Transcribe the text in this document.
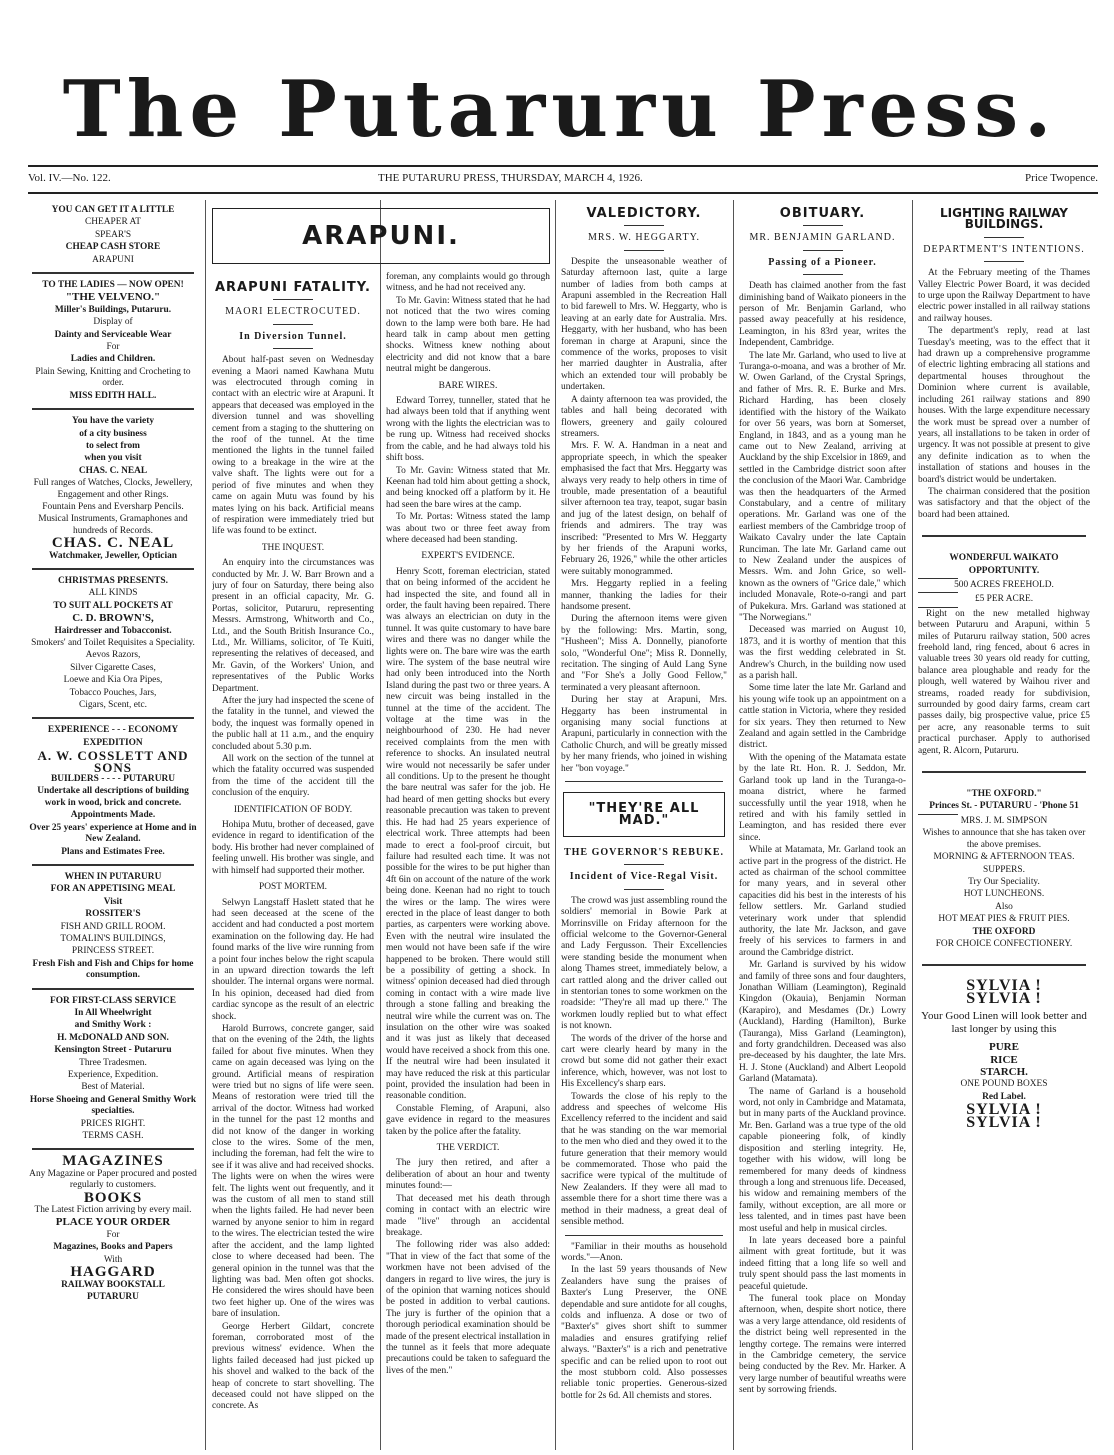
The Putaruru Press.
Vol. IV.—No. 122.	THE PUTARURU PRESS, THURSDAY, MARCH 4, 1926.	Price Twopence.
YOU CAN GET IT A LITTLE
CHEAPER AT
SPEAR'S
CHEAP CASH STORE
ARAPUNI
TO THE LADIES — NOW OPEN!
"THE VELVENO."
Miller's Buildings, Putaruru.
Display of
Dainty and Serviceable Wear
For
Ladies and Children.
Plain Sewing, Knitting and Crocheting to order.
MISS EDITH HALL.
You have the variety
of a city business
to select from
when you visit
CHAS. C. NEAL
Full ranges of Watches, Clocks, Jewellery, Engagement and other Rings.
Fountain Pens and Eversharp Pencils.
Musical Instruments, Gramaphones and hundreds of Records.
CHAS. C. NEAL
Watchmaker, Jeweller, Optician
CHRISTMAS PRESENTS.
ALL KINDS
TO SUIT ALL POCKETS AT
C. D. BROWN'S,
Hairdresser and Tobacconist.
Smokers' and Toilet Requisites a Speciality.
Aevos Razors,
Silver Cigarette Cases,
Loewe and Kia Ora Pipes,
Tobacco Pouches, Jars,
Cigars, Scent, etc.
EXPERIENCE - - - ECONOMY
EXPEDITION
A. W. COSSLETT AND SONS
BUILDERS - - - - PUTARURU
Undertake all descriptions of building work in wood, brick and concrete.
Appointments Made.
Over 25 years' experience at Home and in New Zealand.
Plans and Estimates Free.
WHEN IN PUTARURU
FOR AN APPETISING MEAL
Visit
ROSSITER'S
FISH AND GRILL ROOM.
TOMALIN'S BUILDINGS,
PRINCESS STREET.
Fresh Fish and Fish and Chips for home consumption.
FOR FIRST-CLASS SERVICE
In All Wheelwright
and Smithy Work :
H. McDONALD AND SON.
Kensington Street - Putaruru
Three Tradesmen.
Experience, Expedition.
Best of Material.
Horse Shoeing and General Smithy Work specialties.
PRICES RIGHT.
TERMS CASH.
MAGAZINES
Any Magazine or Paper procured and posted regularly to customers.
BOOKS
The Latest Fiction arriving by every mail.
PLACE YOUR ORDER
For
Magazines, Books and Papers
With
HAGGARD
RAILWAY BOOKSTALL
PUTARURU
ARAPUNI.
ARAPUNI FATALITY.
MAORI ELECTROCUTED.
In Diversion Tunnel.

About half-past seven on Wednesday evening a Maori named Kawhana Mutu was electrocuted through coming in contact with an electric wire at Arapuni. It appears that deceased was employed in the diversion tunnel and was shovelling cement from a staging to the shuttering on the roof of the tunnel. At the time mentioned the lights in the tunnel failed owing to a breakage in the wire at the valve shaft. The lights were out for a period of five minutes and when they came on again Mutu was found by his mates lying on his back. Artificial means of respiration were immediately tried but life was found to be extinct.

THE INQUEST.

An enquiry into the circumstances was conducted by Mr. J. W. Barr Brown and a jury of four on Saturday, there being also present in an official capacity, Mr. G. Portas, solicitor, Putaruru, representing Messrs. Armstrong, Whitworth and Co., Ltd., and the South British Insurance Co., Ltd., Mr. Williams, solicitor, of Te Kuiti, representing the relatives of deceased, and Mr. Gavin, of the Workers' Union, and representatives of the Public Works Department.

After the jury had inspected the scene of the fatality in the tunnel, and viewed the body, the inquest was formally opened in the public hall at 11 a.m., and the enquiry concluded about 5.30 p.m.

All work on the section of the tunnel at which the fatality occurred was suspended from the time of the accident till the conclusion of the enquiry.

IDENTIFICATION OF BODY.

Hohipa Mutu, brother of deceased, gave evidence in regard to identification of the body. His brother had never complained of feeling unwell. His brother was single, and with himself had supported their mother.

POST MORTEM.

Selwyn Langstaff Haslett stated that he had seen deceased at the scene of the accident and had conducted a post mortem examination on the following day. He had found marks of the live wire running from a point four inches below the right scapula in an upward direction towards the left shoulder. The internal organs were normal. In his opinion, deceased had died from cardiac syncope as the result of an electric shock.

Harold Burrows, concrete ganger, said that on the evening of the 24th, the lights failed for about five minutes. When they came on again deceased was lying on the ground. Artificial means of respiration were tried but no signs of life were seen. Means of restoration were tried till the arrival of the doctor. Witness had worked in the tunnel for the past 12 months and did not know of the danger in working close to the wires. Some of the men, including the foreman, had felt the wire to see if it was alive and had received shocks. The lights were on when the wires were felt. The lights went out frequently, and it was the custom of all men to stand still when the lights failed. He had never been warned by anyone senior to him in regard to the wires. The electrician tested the wire after the accident, and the lamp lighted close to where deceased had been. The general opinion in the tunnel was that the lighting was bad. Men often got shocks. He considered the wires should have been two feet higher up. One of the wires was bare of insulation.

George Herbert Gildart, concrete foreman, corroborated most of the previous witness' evidence. When the lights failed deceased had just picked up his shovel and walked to the back of the heap of concrete to start shovelling. The deceased could not have slipped on the concrete. As

foreman, any complaints would go through witness, and he had not received any.

To Mr. Gavin: Witness stated that he had not noticed that the two wires coming down to the lamp were both bare. He had heard talk in camp about men getting shocks. Witness knew nothing about electricity and did not know that a bare neutral might be dangerous.

BARE WIRES.

Edward Torrey, tunneller, stated that he had always been told that if anything went wrong with the lights the electrician was to be rung up. Witness had received shocks from the cable, and he had always told his shift boss.

To Mr. Gavin: Witness stated that Mr. Keenan had told him about getting a shock, and being knocked off a platform by it. He had seen the bare wires at the camp.

To Mr. Portas: Witness stated the lamp was about two or three feet away from where deceased had been standing.

EXPERT'S EVIDENCE.

Henry Scott, foreman electrician, stated that on being informed of the accident he had inspected the site, and found all in order, the fault having been repaired. There was always an electrician on duty in the tunnel. It was quite customary to have bare wires and there was no danger while the lights were on. The bare wire was the earth wire. The system of the base neutral wire had only been introduced into the North Island during the past two or three years. A new circuit was being installed in the tunnel at the time of the accident. The voltage at the time was in the neighbourhood of 230. He had never received complaints from the men with reference to shocks. An insulated neutral wire would not necessarily be safer under all conditions. Up to the present he thought the bare neutral was safer for the job. He had heard of men getting shocks but every reasonable precaution was taken to prevent this. He had had 25 years experience of electrical work. Three attempts had been made to erect a fool-proof circuit, but failure had resulted each time. It was not possible for the wires to be put higher than 4ft 6in on account of the nature of the work being done. Keenan had no right to touch the wires or the lamp. The wires were erected in the place of least danger to both parties, as carpenters were working above. Even with the neutral wire insulated the men would not have been safe if the wire happened to be broken. There would still be a possibility of getting a shock. In witness' opinion deceased had died through coming in contact with a wire made live through a stone falling and breaking the neutral wire while the current was on. The insulation on the other wire was soaked and it was just as likely that deceased would have received a shock from this one. If the neutral wire had been insulated it may have reduced the risk at this particular point, provided the insulation had been in reasonable condition.

Constable Fleming, of Arapuni, also gave evidence in regard to the measures taken by the police after the fatality.

THE VERDICT.

The jury then retired, and after a deliberation of about an hour and twenty minutes found:—

That deceased met his death through coming in contact with an electric wire made "live" through an accidental breakage.

The following rider was also added: "That in view of the fact that some of the workmen have not been advised of the dangers in regard to live wires, the jury is of the opinion that warning notices should be posted in addition to verbal cautions. The jury is further of the opinion that a thorough periodical examination should be made of the present electrical installation in the tunnel as it feels that more adequate precautions could be taken to safeguard the lives of the men."

VALEDICTORY.
MRS. W. HEGGARTY.

Despite the unseasonable weather of Saturday afternoon last, quite a large number of ladies from both camps at Arapuni assembled in the Recreation Hall to bid farewell to Mrs. W. Heggarty, who is leaving at an early date for Australia. Mrs. Heggarty, with her husband, who has been foreman in charge at Arapuni, since the commence of the works, proposes to visit her married daughter in Australia, after which an extended tour will probably be undertaken.

A dainty afternoon tea was provided, the tables and hall being decorated with flowers, greenery and gaily coloured streamers.

Mrs. F. W. A. Handman in a neat and appropriate speech, in which the speaker emphasised the fact that Mrs. Heggarty was always very ready to help others in time of trouble, made presentation of a beautiful silver afternoon tea tray, teapot, sugar basin and jug of the latest design, on behalf of friends and admirers. The tray was inscribed: "Presented to Mrs W. Heggarty by her friends of the Arapuni works, February 26, 1926," while the other articles were suitably monogrammed.

Mrs. Heggarty replied in a feeling manner, thanking the ladies for their handsome present.

During the afternoon items were given by the following: Mrs. Martin, song, "Husheen"; Miss A. Donnelly, pianoforte solo, "Wonderful One"; Miss R. Donnelly, recitation. The singing of Auld Lang Syne and "For She's a Jolly Good Fellow," terminated a very pleasant afternoon.

During her stay at Arapuni, Mrs. Heggarty has been instrumental in organising many social functions at Arapuni, particularly in connection with the Catholic Church, and will be greatly missed by her many friends, who joined in wishing her "bon voyage."

"THEY'RE ALL MAD."
THE GOVERNOR'S REBUKE.
Incident of Vice-Regal Visit.

The crowd was just assembling round the soldiers' memorial in Bowie Park at Morrinsville on Friday afternoon for the official welcome to the Governor-General and Lady Fergusson. Their Excellencies were standing beside the monument when along Thames street, immediately below, a cart rattled along and the driver called out in stentorian tones to some workmen on the roadside: "They're all mad up there." The workmen loudly replied but to what effect is not known.

The words of the driver of the horse and cart were clearly heard by many in the crowd but some did not gather their exact inference, which, however, was not lost to His Excellency's sharp ears.

Towards the close of his reply to the address and speeches of welcome His Excellency referred to the incident and said that he was standing on the war memorial to the men who died and they owed it to the future generation that their memory would be commemorated. Those who paid the sacrifice were typical of the multitude of New Zealanders. If they were all mad to assemble there for a short time there was a method in their madness, a great deal of sensible method.

"Familiar in their mouths as household words."—Anon.

In the last 59 years thousands of New Zealanders have sung the praises of Baxter's Lung Preserver, the ONE dependable and sure antidote for all coughs, colds and influenza. A dose or two of "Baxter's" gives short shift to summer maladies and ensures gratifying relief always. "Baxter's" is a rich and penetrative specific and can be relied upon to root out the most stubborn cold. Also possesses reliable tonic properties. Generous-sized bottle for 2s 6d. All chemists and stores.

OBITUARY.
MR. BENJAMIN GARLAND.
Passing of a Pioneer.

Death has claimed another from the fast diminishing band of Waikato pioneers in the person of Mr. Benjamin Garland, who passed away peacefully at his residence, Leamington, in his 83rd year, writes the Independent, Cambridge.

The late Mr. Garland, who used to live at Turanga-o-moana, and was a brother of Mr. W. Owen Garland, of the Crystal Springs, and father of Mrs. R. E. Burke and Mrs. Richard Harding, has been closely identified with the history of the Waikato for over 56 years, was born at Somerset, England, in 1843, and as a young man he came out to New Zealand, arriving at Auckland by the ship Excelsior in 1869, and settled in the Cambridge district soon after the conclusion of the Maori War. Cambridge was then the headquarters of the Armed Constabulary, and a centre of military operations. Mr. Garland was one of the earliest members of the Cambridge troop of Waikato Cavalry under the late Captain Runciman. The late Mr. Garland came out to New Zealand under the auspices of Messrs. Wm. and John Grice, so well-known as the owners of "Grice dale," which included Monavale, Rote-o-rangi and part of Pukekura. Mrs. Garland was stationed at "The Norwegians."

Deceased was married on August 10, 1873, and it is worthy of mention that this was the first wedding celebrated in St. Andrew's Church, in the building now used as a parish hall.

Some time later the late Mr. Garland and his young wife took up an appointment on a cattle station in Victoria, where they resided for six years. They then returned to New Zealand and again settled in the Cambridge district.

With the opening of the Matamata estate by the late Rt. Hon. R. J. Seddon, Mr. Garland took up land in the Turanga-o-moana district, where he farmed successfully until the year 1918, when he retired and with his family settled in Leamington, and has resided there ever since.

While at Matamata, Mr. Garland took an active part in the progress of the district. He acted as chairman of the school committee for many years, and in several other capacities did his best in the interests of his fellow settlers. Mr. Garland studied veterinary work under that splendid authority, the late Mr. Jackson, and gave freely of his services to farmers in and around the Cambridge district.

Mr. Garland is survived by his widow and family of three sons and four daughters, Jonathan William (Leamington), Reginald Kingdon (Okauia), Benjamin Norman (Karapiro), and Mesdames (Dr.) Lowry (Auckland), Harding (Hamilton), Burke (Tauranga), Miss Garland (Leamington), and forty grandchildren. Deceased was also pre-deceased by his daughter, the late Mrs. H. J. Stone (Auckland) and Albert Leopold Garland (Matamata).

The name of Garland is a household word, not only in Cambridge and Matamata, but in many parts of the Auckland province. Mr. Ben. Garland was a true type of the old capable pioneering folk, of kindly disposition and sterling integrity. He, together with his widow, will long be remembered for many deeds of kindness through a long and strenuous life. Deceased, his widow and remaining members of the family, without exception, are all more or less talented, and in times past have been most useful and help in musical circles.

In late years deceased bore a painful ailment with great fortitude, but it was indeed fitting that a long life so well and truly spent should pass the last moments in peaceful quietude.

The funeral took place on Monday afternoon, when, despite short notice, there was a very large attendance, old residents of the district being well represented in the lengthy cortege. The remains were interred in the Cambridge cemetery, the service being conducted by the Rev. Mr. Harker. A very large number of beautiful wreaths were sent by sorrowing friends.

LIGHTING RAILWAY BUILDINGS.
DEPARTMENT'S INTENTIONS.

At the February meeting of the Thames Valley Electric Power Board, it was decided to urge upon the Railway Department to have electric power installed in all railway stations and railway houses.

The department's reply, read at last Tuesday's meeting, was to the effect that it had drawn up a comprehensive programme of electric lighting embracing all stations and departmental houses throughout the Dominion where current is available, including 261 railway stations and 890 houses. With the large expenditure necessary the work must be spread over a number of years, all installations to be taken in order of urgency. It was not possible at present to give any definite indication as to when the installation of stations and houses in the board's district would be undertaken.

The chairman considered that the position was satisfactory and that the object of the board had been attained.

WONDERFUL WAIKATO
OPPORTUNITY.
500 ACRES FREEHOLD.
£5 PER ACRE.

Right on the new metalled highway between Putaruru and Arapuni, within 5 miles of Putaruru railway station, 500 acres freehold land, ring fenced, about 6 acres in valuable trees 30 years old ready for cutting, balance area ploughable and ready for the plough, well watered by Waihou river and streams, roaded ready for subdivision, surrounded by good dairy farms, cream cart passes daily, big prospective value, price £5 per acre, any reasonable terms to suit practical purchaser. Apply to authorised agent, R. Alcorn, Putaruru.

"THE OXFORD."
Princes St. - PUTARURU - 'Phone 51
MRS. J. M. SIMPSON
Wishes to announce that she has taken over the above premises.
MORNING & AFTERNOON TEAS.
SUPPERS.
Try Our Speciality.
HOT LUNCHEONS.
Also
HOT MEAT PIES & FRUIT PIES.
THE OXFORD
FOR CHOICE CONFECTIONERY.
SYLVIA !
SYLVIA !
Your Good Linen will look better and last longer by using this
PURE
RICE
STARCH.
ONE POUND BOXES
Red Label.
SYLVIA !
SYLVIA !
